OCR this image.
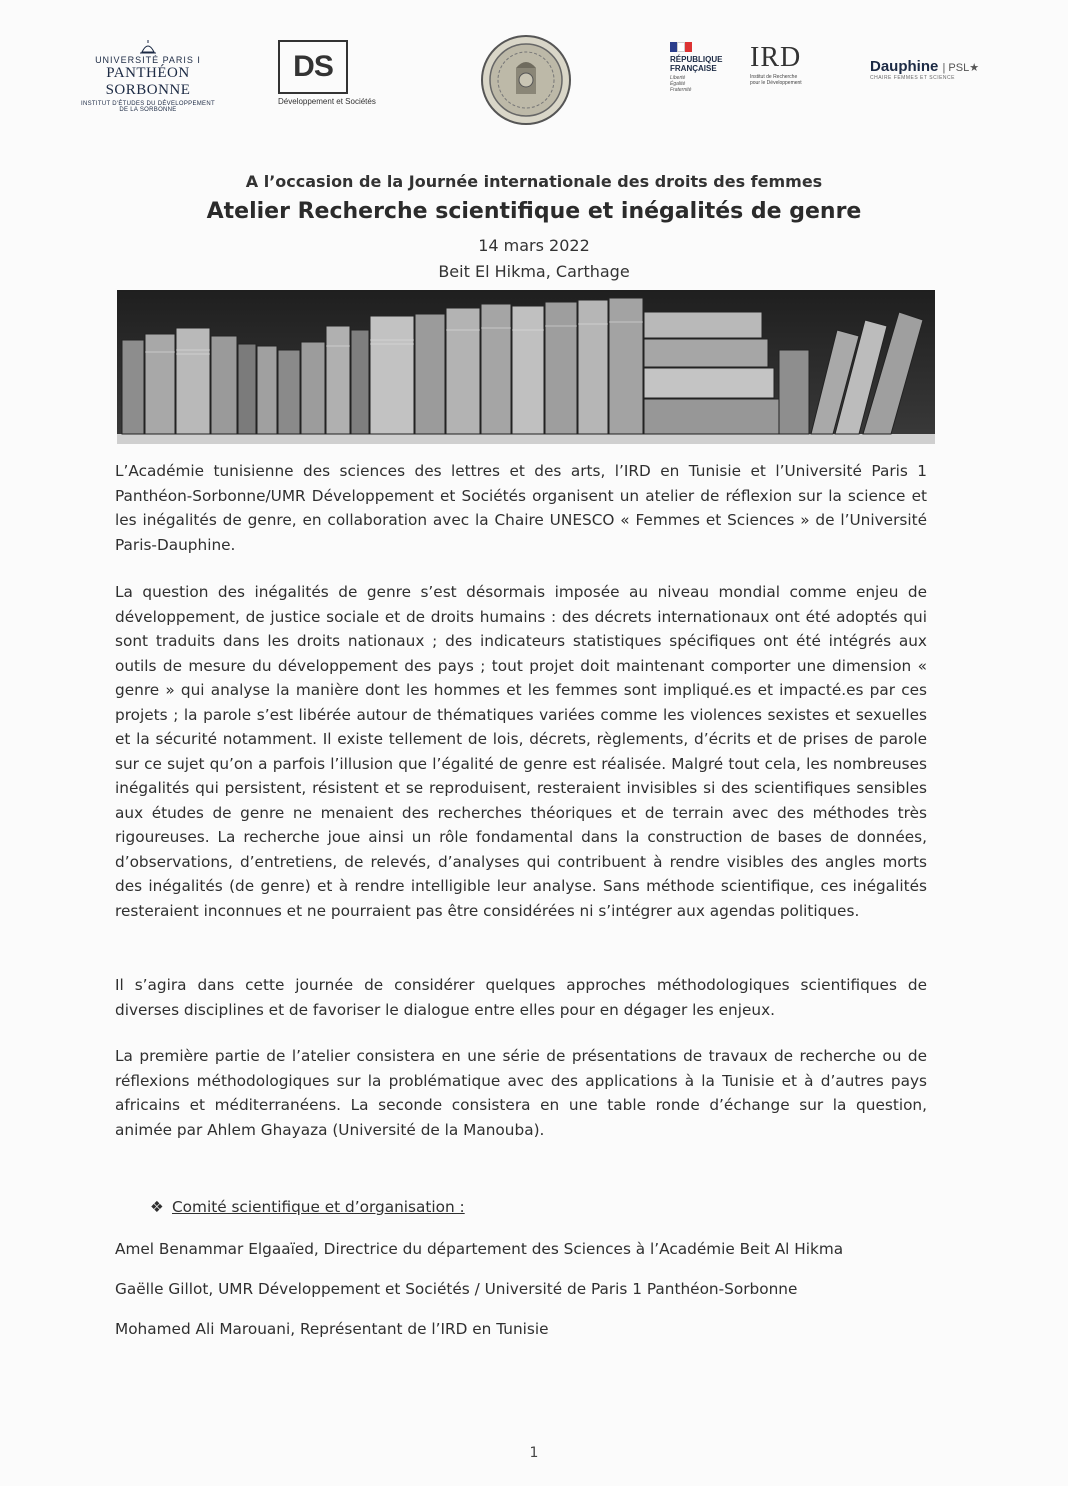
UNIVERSITÉ PARIS I
PANTHÉON SORBONNE
INSTITUT D'ÉTUDES DU DÉVELOPPEMENT
DE LA SORBONNE
DS
Développement et Sociétés
RÉPUBLIQUE
FRANÇAISE
Liberté
Égalité
Fraternité
IRD
Institut de Recherche
pour le Développement
Dauphine | PSL★
CHAIRE FEMMES ET SCIENCE
A l’occasion de la Journée internationale des droits des femmes
Atelier Recherche scientifique et inégalités de genre
14 mars 2022
Beit El Hikma, Carthage
L’Académie tunisienne des sciences des lettres et des arts, l’IRD en Tunisie et l’Université Paris 1 Panthéon-Sorbonne/UMR Développement et Sociétés organisent un atelier de réflexion sur la science et les inégalités de genre, en collaboration avec la Chaire UNESCO « Femmes et Sciences » de l’Université Paris-Dauphine.
La question des inégalités de genre s’est désormais imposée au niveau mondial comme enjeu de développement, de justice sociale et de droits humains : des décrets internationaux ont été adoptés qui sont traduits dans les droits nationaux ; des indicateurs statistiques spécifiques ont été intégrés aux outils de mesure du développement des pays ; tout projet doit maintenant comporter une dimension « genre » qui analyse la manière dont les hommes et les femmes sont impliqué.es et impacté.es par ces projets ; la parole s’est libérée autour de thématiques variées comme les violences sexistes et sexuelles et la sécurité notamment. Il existe tellement de lois, décrets, règlements, d’écrits et de prises de parole sur ce sujet qu’on a parfois l’illusion que l’égalité de genre est réalisée. Malgré tout cela, les nombreuses inégalités qui persistent, résistent et se reproduisent, resteraient invisibles si des scientifiques sensibles aux études de genre ne menaient des recherches théoriques et de terrain avec des méthodes très rigoureuses. La recherche joue ainsi un rôle fondamental dans la construction de bases de données, d’observations, d’entretiens, de relevés, d’analyses qui contribuent à rendre visibles des angles morts des inégalités (de genre) et à rendre intelligible leur analyse. Sans méthode scientifique, ces inégalités resteraient inconnues et ne pourraient pas être considérées ni s’intégrer aux agendas politiques.
Il s’agira dans cette journée de considérer quelques approches méthodologiques scientifiques de diverses disciplines et de favoriser le dialogue entre elles pour en dégager les enjeux.
La première partie de l’atelier consistera en une série de présentations de travaux de recherche ou de réflexions méthodologiques sur la problématique avec des applications à la Tunisie et à d’autres pays africains et méditerranéens. La seconde consistera en une table ronde d’échange sur la question, animée par Ahlem Ghayaza (Université de la Manouba).
❖ Comité scientifique et d’organisation :
Amel Benammar Elgaaïed, Directrice du département des Sciences à l’Académie Beit Al Hikma
Gaëlle Gillot, UMR Développement et Sociétés / Université de Paris 1 Panthéon-Sorbonne
Mohamed Ali Marouani, Représentant de l’IRD en Tunisie
1
